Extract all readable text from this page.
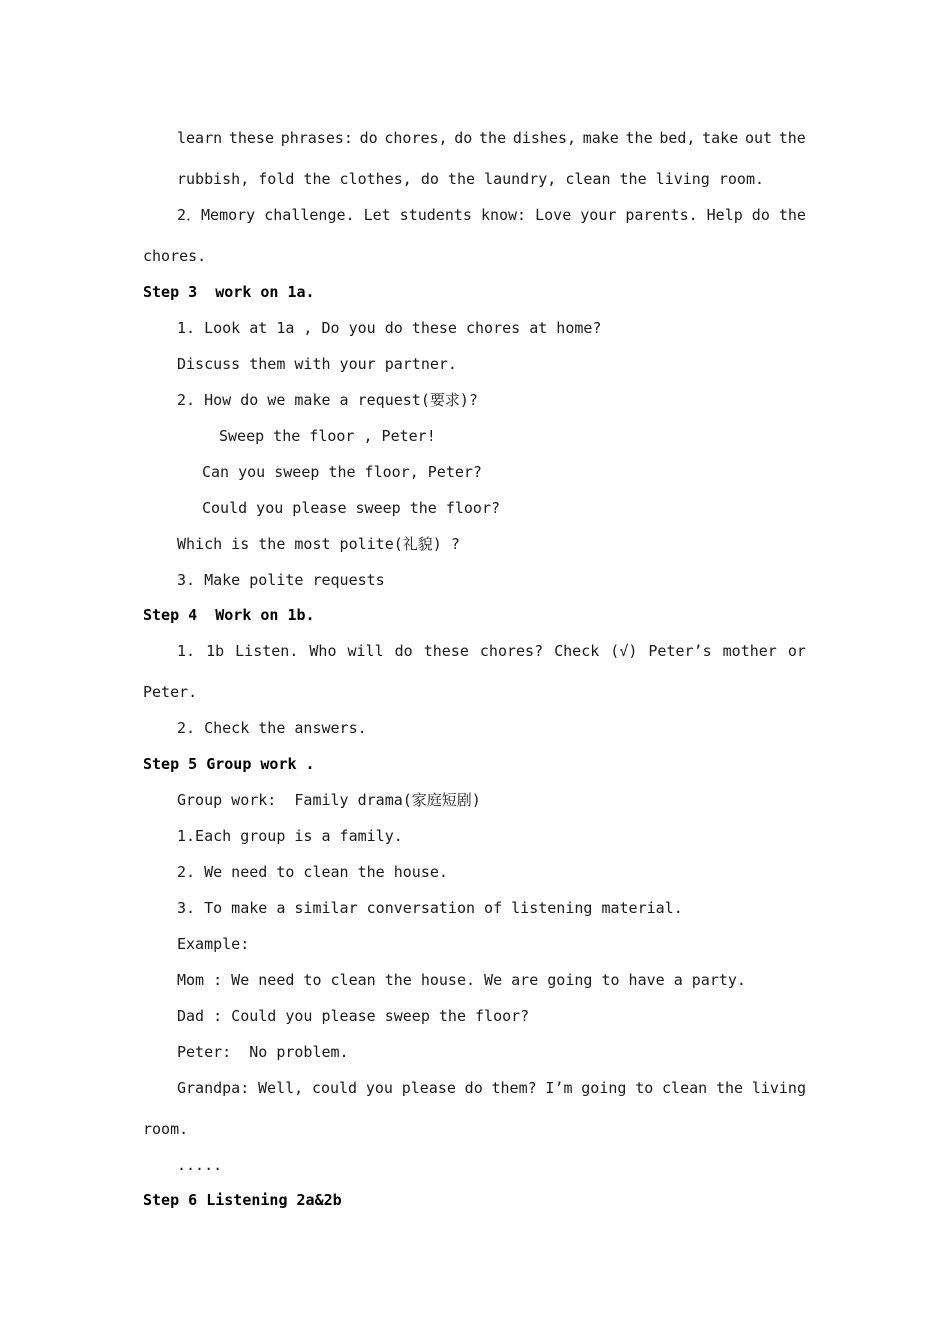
learn these phrases: do chores, do the dishes, make the bed, take out the
rubbish, fold the clothes, do the laundry, clean the living room.
2．Memory challenge. Let students know: Love your parents. Help do the
chores.
Step 3  work on 1a.
1. Look at 1a , Do you do these chores at home?
Discuss them with your partner.
2. How do we make a request(要求)?
Sweep the floor , Peter!
Can you sweep the floor, Peter?
Could you please sweep the floor?
Which is the most polite(礼貌) ?
3. Make polite requests
Step 4  Work on 1b.
1. 1b Listen. Who will do these chores? Check (√) Peter’s mother or
Peter.
2. Check the answers.
Step 5 Group work .
Group work:  Family drama(家庭短剧)
1.Each group is a family.
2. We need to clean the house.
3. To make a similar conversation of listening material.
Example:
Mom : We need to clean the house. We are going to have a party.
Dad : Could you please sweep the floor?
Peter:  No problem.
Grandpa: Well, could you please do them? I’m going to clean the living
room.
.....
Step 6 Listening 2a&2b
